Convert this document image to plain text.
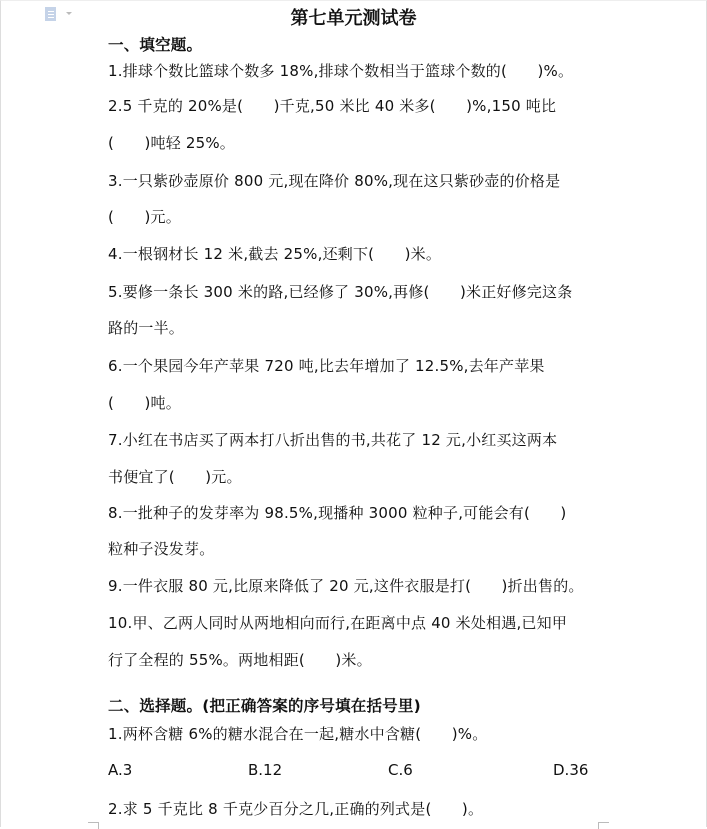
第七单元测试卷
一、填空题。
1.排球个数比篮球个数多 18%,排球个数相当于篮球个数的(　　)%。
2.5 千克的 20%是(　　)千克,50 米比 40 米多(　　)%,150 吨比
(　　)吨轻 25%。
3.一只紫砂壶原价 800 元,现在降价 80%,现在这只紫砂壶的价格是
(　　)元。
4.一根钢材长 12 米,截去 25%,还剩下(　　)米。
5.要修一条长 300 米的路,已经修了 30%,再修(　　)米正好修完这条
路的一半。
6.一个果园今年产苹果 720 吨,比去年增加了 12.5%,去年产苹果
(　　)吨。
7.小红在书店买了两本打八折出售的书,共花了 12 元,小红买这两本
书便宜了(　　)元。
8.一批种子的发芽率为 98.5%,现播种 3000 粒种子,可能会有(　　)
粒种子没发芽。
9.一件衣服 80 元,比原来降低了 20 元,这件衣服是打(　　)折出售的。
10.甲、乙两人同时从两地相向而行,在距离中点 40 米处相遇,已知甲
行了全程的 55%。两地相距(　　)米。
二、选择题。(把正确答案的序号填在括号里)
1.两杯含糖 6%的糖水混合在一起,糖水中含糖(　　)%。
A.3	B.12	C.6	D.36
2.求 5 千克比 8 千克少百分之几,正确的列式是(　　)。
